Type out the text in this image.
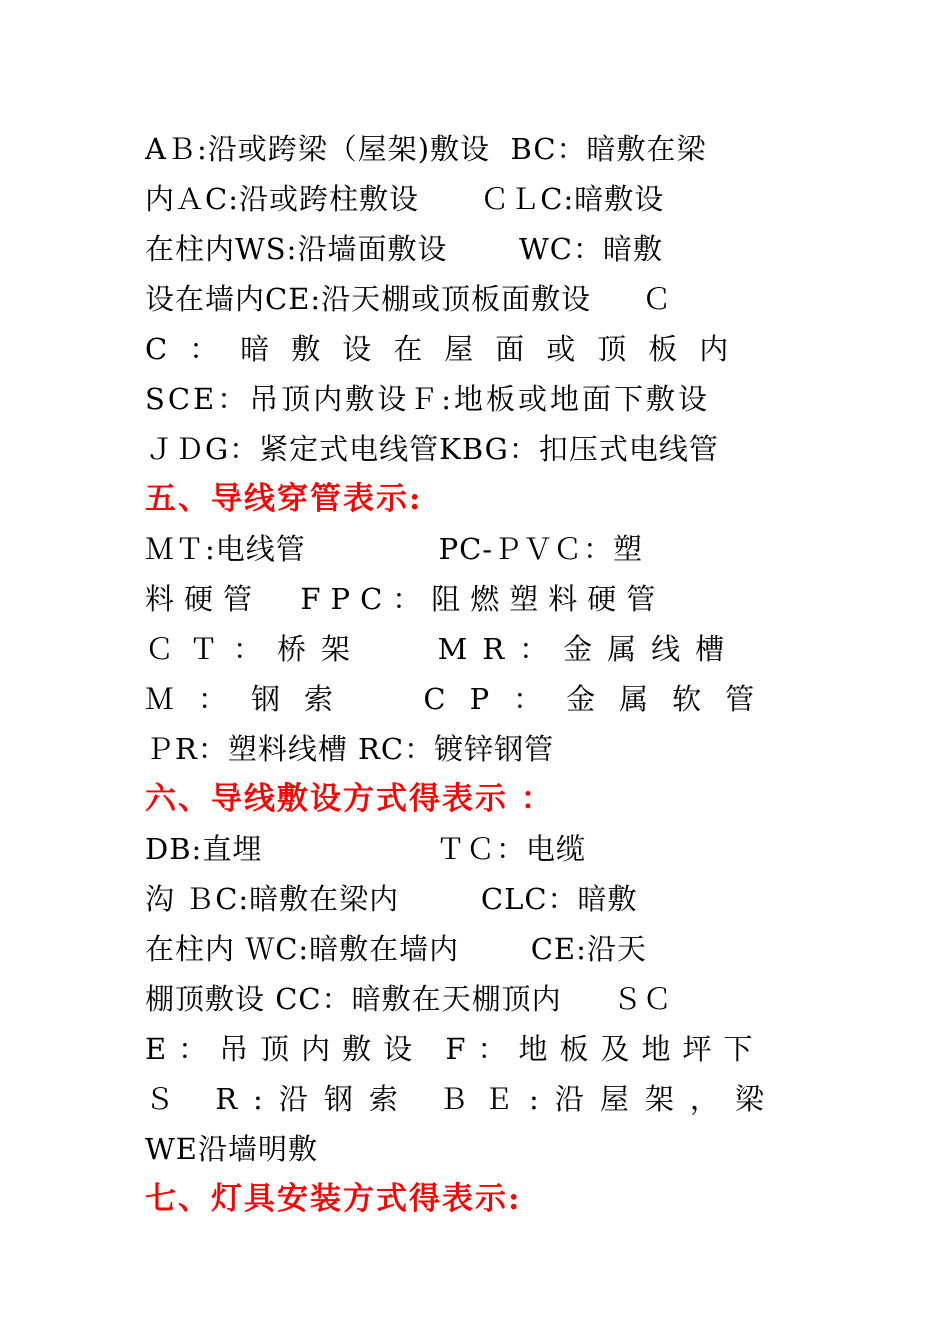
AＢ:沿或跨梁（屋架)敷设  BC：暗敷在梁
内ＡC:沿或跨柱敷设      ＣＬC:暗敷设
在柱内WS:沿墙面敷设       WC：暗敷
设在墙内CE:沿天棚或顶板面敷设     Ｃ
C：暗敷设在屋面或顶板内
SCE：吊顶内敷设Ｆ:地板或地面下敷设
ＪＤG：紧定式电线管KBG：扣压式电线管
五、导线穿管表示:
ＭＴ:电线管             PC-ＰＶＣ：塑
料硬管  FPC：阻燃塑料硬管
ＣＴ：桥架   MR：金属线槽
Ｍ：钢索  CP：金属软管
ＰR：塑料线槽 RC：镀锌钢管
六、导线敷设方式得表示 ：
DB:直埋                 ＴＣ：电缆
沟 ＢC:暗敷在梁内        CLC：暗敷
在柱内 ＷC:暗敷在墙内       CE:沿天
棚顶敷设 CC：暗敷在天棚顶内     ＳＣ
E：吊顶内敷设 F：地板及地坪下
Ｓ R:沿钢索 ＢＥ:沿屋架，梁
WE沿墙明敷
七、灯具安装方式得表示:
